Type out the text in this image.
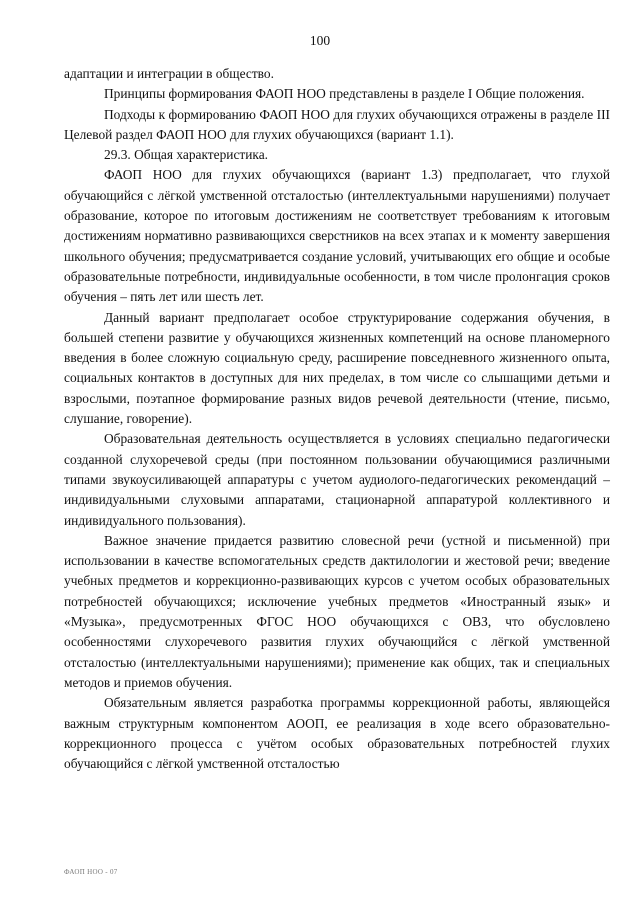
100

адаптации и интеграции в общество.

Принципы формирования ФАОП НОО представлены в разделе I Общие положения.

Подходы к формированию ФАОП НОО для глухих обучающихся отражены в разделе III Целевой раздел ФАОП НОО для глухих обучающихся (вариант 1.1).

29.3. Общая характеристика.

ФАОП НОО для глухих обучающихся (вариант 1.3) предполагает, что глухой обучающийся с лёгкой умственной отсталостью (интеллектуальными нарушениями) получает образование, которое по итоговым достижениям не соответствует требованиям к итоговым достижениям нормативно развивающихся сверстников на всех этапах и к моменту завершения школьного обучения; предусматривается создание условий, учитывающих его общие и особые образовательные потребности, индивидуальные особенности, в том числе пролонгация сроков обучения – пять лет или шесть лет.

Данный вариант предполагает особое структурирование содержания обучения, в большей степени развитие у обучающихся жизненных компетенций на основе планомерного введения в более сложную социальную среду, расширение повседневного жизненного опыта, социальных контактов в доступных для них пределах, в том числе со слышащими детьми и взрослыми, поэтапное формирование разных видов речевой деятельности (чтение, письмо, слушание, говорение).

Образовательная деятельность осуществляется в условиях специально педагогически созданной слухоречевой среды (при постоянном пользовании обучающимися различными типами звукоусиливающей аппаратуры с учетом аудиолого-педагогических рекомендаций – индивидуальными слуховыми аппаратами, стационарной аппаратурой коллективного и индивидуального пользования).

Важное значение придается развитию словесной речи (устной и письменной) при использовании в качестве вспомогательных средств дактилологии и жестовой речи; введение учебных предметов и коррекционно-развивающих курсов с учетом особых образовательных потребностей обучающихся; исключение учебных предметов «Иностранный язык» и «Музыка», предусмотренных ФГОС НОО обучающихся с ОВЗ, что обусловлено особенностями слухоречевого развития глухих обучающийся с лёгкой умственной отсталостью (интеллектуальными нарушениями); применение как общих, так и специальных методов и приемов обучения.

Обязательным является разработка программы коррекционной работы, являющейся важным структурным компонентом АООП, ее реализация в ходе всего образовательно-коррекционного процесса с учётом особых образовательных потребностей глухих обучающийся с лёгкой умственной отсталостью

ФАОП НОО - 07
